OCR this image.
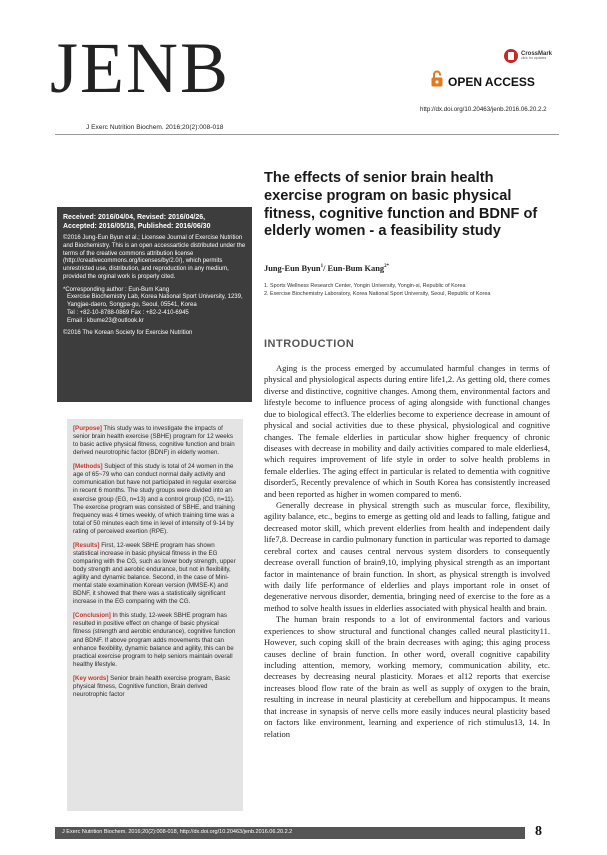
JENB
J Exerc Nutrition Biochem. 2016;20(2):008-018
CrossMark
click for updates
OPEN ACCESS
http://dx.doi.org/10.20463/jenb.2016.06.20.2.2
Received: 2016/04/04, Revised: 2016/04/26,
Accepted: 2016/05/18, Published: 2016/06/30
©2016 Jung-Eun Byun et al.; Licensee Journal of Exercise Nutrition and Biochemistry. This is an open accessarticle distributed under the terms of the creative commons attribution license (http://creativecommons.org/licenses/by/2.0/), which permits unrestricted use, distribution, and reproduction in any medium, provided the orginal work is properly cited.
*Corresponding author : Eun-Bum Kang
Exercise Biochemistry Lab, Korea National Sport University, 1239, Yangjae-daero, Songpa-gu, Seoul, 05541, Korea
Tel : +82-10-8788-0869 Fax : +82-2-410-6945
Email : kbume23@outlook.kr
©2016 The Korean Society for Exercise Nutrition

[Purpose] This study was to investigate the impacts of senior brain health exercise (SBHE) program for 12 weeks to basic active physical fitness, cognitive function and brain derived neurotrophic factor (BDNF) in elderly women.

[Methods] Subject of this study is total of 24 women in the age of 65~79 who can conduct normal daily activity and communication but have not participated in regular exercise in recent 6 months. The study groups were divided into an exercise group (EG, n=13) and a control group (CG, n=11). The exercise program was consisted of SBHE, and training frequency was 4 times weekly, of which training time was a total of 50 minutes each time in level of intensity of 9-14 by rating of perceived exertion (RPE).

[Results] First, 12-week SBHE program has shown statistical increase in basic physical fitness in the EG comparing with the CG, such as lower body strength, upper body strength and aerobic endurance, but not in flexibility, agility and dynamic balance. Second, in the case of Mini-mental state examination Korean version (MMSE-K) and BDNF, it showed that there was a statistically significant increase in the EG comparing with the CG.

[Conclusion] In this study, 12-week SBHE program has resulted in positive effect on change of basic physical fitness (strength and aerobic endurance), cognitive function and BDNF. If above program adds movements that can enhance flexibility, dynamic balance and agility, this can be practical exercise program to help seniors maintain overall healthy lifestyle.

[Key words] Senior brain health exercise program, Basic physical fitness, Cognitive function, Brain derived neurotrophic factor

The effects of senior brain health exercise program on basic physical fitness, cognitive function and BDNF of elderly women - a feasibility study
Jung-Eun Byun$^1$/ Eun-Bum Kang$^{2*}$
1. Sports Wellness Research Center, Yongin University, Yongin-si, Republic of Korea
2. Exercise Biochemistry Laboratory, Korea National Sport University, Seoul, Republic of Korea
INTRODUCTION

Aging is the process emerged by accumulated harmful changes in terms of physical and physiological aspects during entire life1,2. As getting old, there comes diverse and distinctive, cognitive changes. Among them, environmental factors and lifestyle become to influence process of aging alongside with functional changes due to biological effect3. The elderlies become to experience decrease in amount of physical and social activities due to these physical, physiological and cognitive changes. The female elderlies in particular show higher frequency of chronic diseases with decrease in mobility and daily activities compared to male elderlies4, which requires improvement of life style in order to solve health problems in female elderlies. The aging effect in particular is related to dementia with cognitive disorder5, Recently prevalence of which in South Korea has consistently increased and been reported as higher in women compared to men6.

Generally decrease in physical strength such as muscular force, flexibility, agility balance, etc., begins to emerge as getting old and leads to falling, fatigue and decreased motor skill, which prevent elderlies from health and independent daily life7,8. Decrease in cardio pulmonary function in particular was reported to damage cerebral cortex and causes central nervous system disorders to consequently decrease overall function of brain9,10, implying physical strength as an important factor in maintenance of brain function. In short, as physical strength is involved with daily life performance of elderlies and plays important role in onset of degenerative nervous disorder, dementia, bringing need of exercise to the fore as a method to solve health issues in elderlies associated with physical health and brain.

The human brain responds to a lot of environmental factors and various experiences to show structural and functional changes called neural plasticity11. However, such coping skill of the brain decreases with aging; this aging process causes decline of brain function. In other word, overall cognitive capability including attention, memory, working memory, communication ability, etc. decreases by decreasing neural plasticity. Moraes et al12 reports that exercise increases blood flow rate of the brain as well as supply of oxygen to the brain, resulting in increase in neural plasticity at cerebellum and hippocampus. It means that increase in synapsis of nerve cells more easily induces neural plasticity based on factors like environment, learning and experience of rich stimulus13, 14. In relation

J Exerc Nutrition Biochem. 2016;20(2):008-018, http://dx.doi.org/10.20463/jenb.2016.06.20.2.2	8
